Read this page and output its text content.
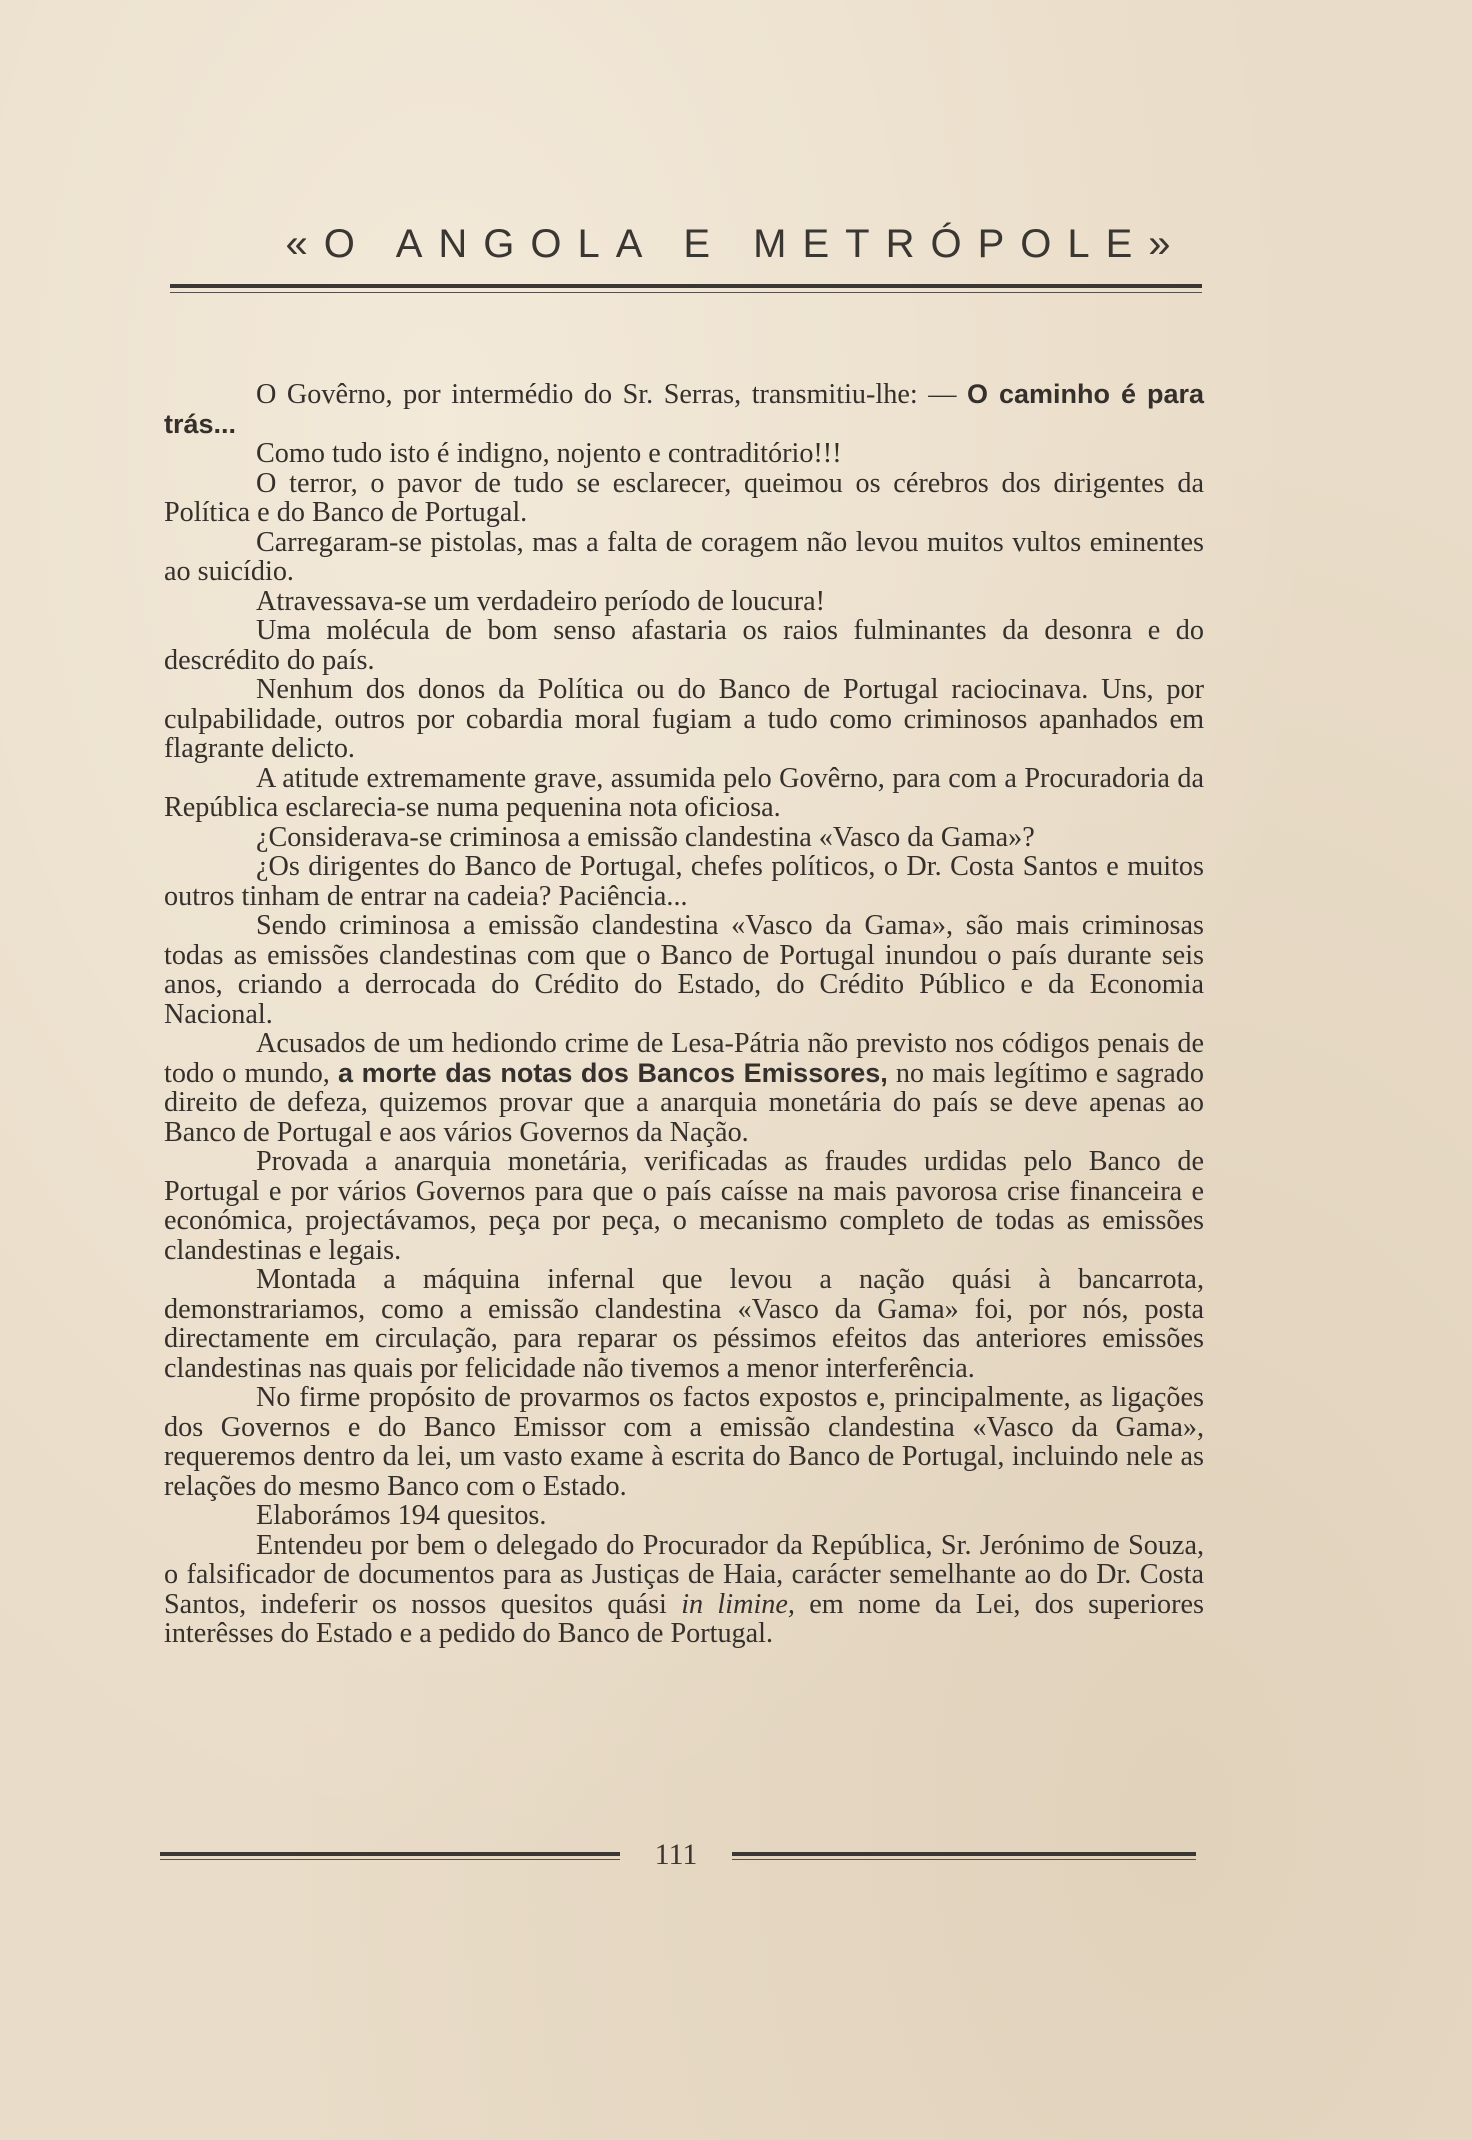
«O ANGOLA E METRÓPOLE»

O Govêrno, por intermédio do Sr. Serras, transmitiu-lhe: — O caminho é para trás...

Como tudo isto é indigno, nojento e contraditório!!!

O terror, o pavor de tudo se esclarecer, queimou os cérebros dos dirigentes da Política e do Banco de Portugal.

Carregaram-se pistolas, mas a falta de coragem não levou muitos vultos eminentes ao suicídio.

Atravessava-se um verdadeiro período de loucura!

Uma molécula de bom senso afastaria os raios fulminantes da desonra e do descrédito do país.

Nenhum dos donos da Política ou do Banco de Portugal raciocinava. Uns, por culpabilidade, outros por cobardia moral fugiam a tudo como criminosos apanhados em flagrante delicto.

A atitude extremamente grave, assumida pelo Govêrno, para com a Procuradoria da República esclarecia-se numa pequenina nota oficiosa.

¿Considerava-se criminosa a emissão clandestina «Vasco da Gama»?

¿Os dirigentes do Banco de Portugal, chefes políticos, o Dr. Costa Santos e muitos outros tinham de entrar na cadeia? Paciência...

Sendo criminosa a emissão clandestina «Vasco da Gama», são mais criminosas todas as emissões clandestinas com que o Banco de Portugal inundou o país durante seis anos, criando a derrocada do Crédito do Estado, do Crédito Público e da Economia Nacional.

Acusados de um hediondo crime de Lesa-Pátria não previsto nos códigos penais de todo o mundo, a morte das notas dos Bancos Emissores, no mais legítimo e sagrado direito de defeza, quizemos provar que a anarquia monetária do país se deve apenas ao Banco de Portugal e aos vários Governos da Nação.

Provada a anarquia monetária, verificadas as fraudes urdidas pelo Banco de Portugal e por vários Governos para que o país caísse na mais pavorosa crise financeira e económica, projectávamos, peça por peça, o mecanismo completo de todas as emissões clandestinas e legais.

Montada a máquina infernal que levou a nação quási à bancarrota, demonstrariamos, como a emissão clandestina «Vasco da Gama» foi, por nós, posta directamente em circulação, para reparar os péssimos efeitos das anteriores emissões clandestinas nas quais por felicidade não tivemos a menor interferência.

No firme propósito de provarmos os factos expostos e, principalmente, as ligações dos Governos e do Banco Emissor com a emissão clandestina «Vasco da Gama», requeremos dentro da lei, um vasto exame à escrita do Banco de Portugal, incluindo nele as relações do mesmo Banco com o Estado.

Elaborámos 194 quesitos.

Entendeu por bem o delegado do Procurador da República, Sr. Jerónimo de Souza, o falsificador de documentos para as Justiças de Haia, carácter semelhante ao do Dr. Costa Santos, indeferir os nossos quesitos quási in limine, em nome da Lei, dos superiores interêsses do Estado e a pedido do Banco de Portugal.

111
